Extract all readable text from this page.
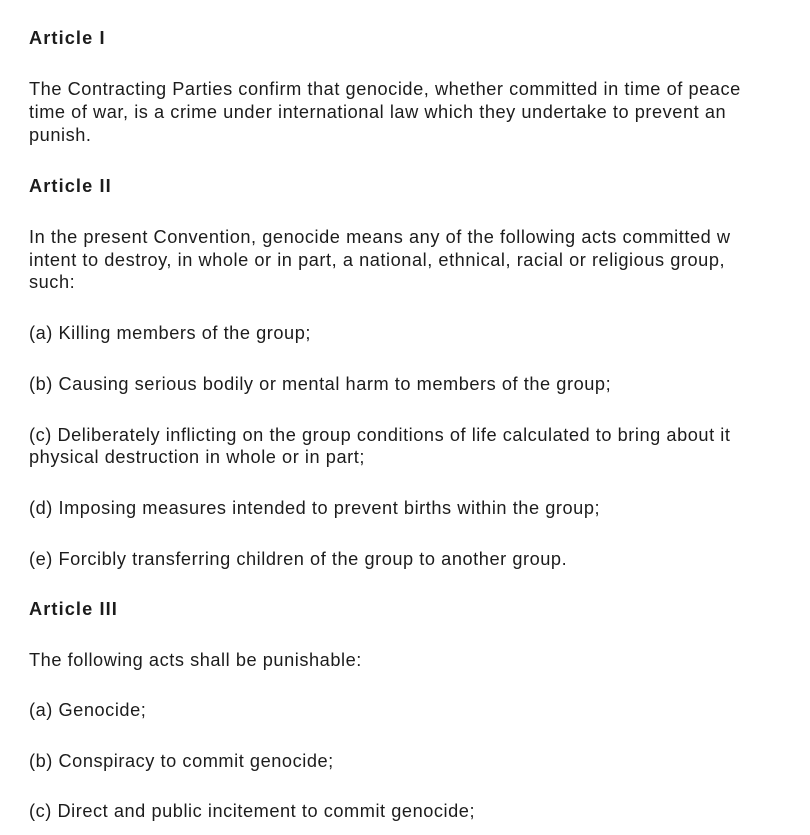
Article I
The Contracting Parties confirm that genocide, whether committed in time of peace
time of war, is a crime under international law which they undertake to prevent an
punish.
Article II
In the present Convention, genocide means any of the following acts committed w
intent to destroy, in whole or in part, a national, ethnical, racial or religious group,
such:
(a) Killing members of the group;
(b) Causing serious bodily or mental harm to members of the group;
(c) Deliberately inflicting on the group conditions of life calculated to bring about it
physical destruction in whole or in part;
(d) Imposing measures intended to prevent births within the group;
(e) Forcibly transferring children of the group to another group.
Article III
The following acts shall be punishable:
(a) Genocide;
(b) Conspiracy to commit genocide;
(c) Direct and public incitement to commit genocide;
